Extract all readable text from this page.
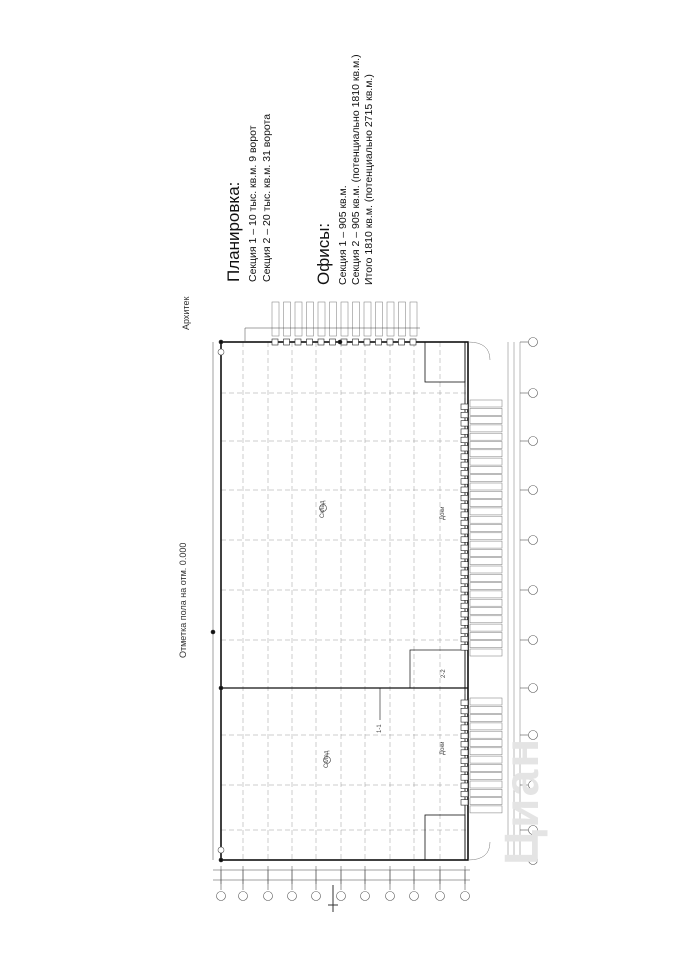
Планировка: Секция 1 – 10 тыс. кв.м. 9 ворот Секция 2 – 20 тыс. кв.м. 31 ворота Офисы: Секция 1 – 905 кв.м. Секция 2 – 905 кв.м. (потенциально 1810 кв.м.) Итого 1810 кв.м. (потенциально 2715 кв.м.)
Архитек
Отметка пола на отм. 0.000
Склад
Склад
Доки
Доки
1-1
2-2
Циан
